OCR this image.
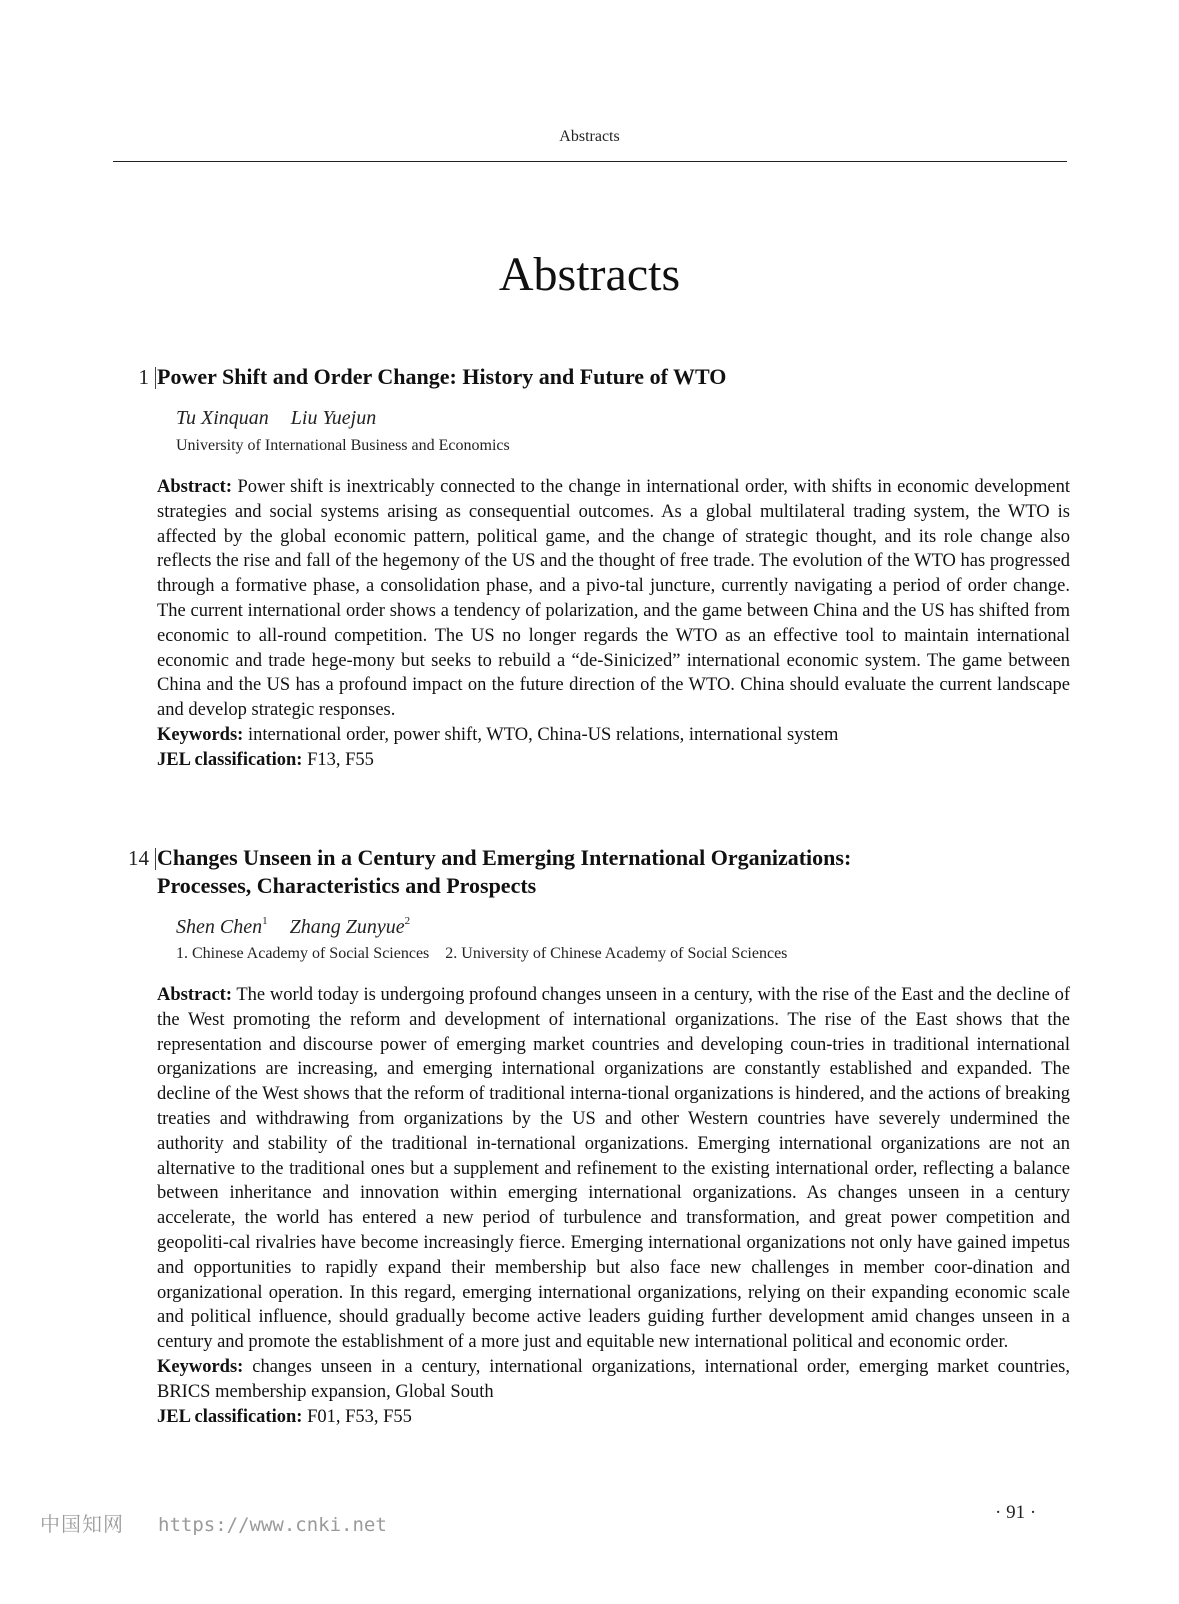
Abstracts
Abstracts
1 Power Shift and Order Change: History and Future of WTO
Tu Xinquan Liu Yuejun
University of International Business and Economics

Abstract: Power shift is inextricably connected to the change in international order, with shifts in economic development strategies and social systems arising as consequential outcomes. As a global multilateral trading system, the WTO is affected by the global economic pattern, political game, and the change of strategic thought, and its role change also reflects the rise and fall of the hegemony of the US and the thought of free trade. The evolution of the WTO has progressed through a formative phase, a consolidation phase, and a pivo-tal juncture, currently navigating a period of order change. The current international order shows a tendency of polarization, and the game between China and the US has shifted from economic to all-round competition. The US no longer regards the WTO as an effective tool to maintain international economic and trade hege-mony but seeks to rebuild a “de-Sinicized” international economic system. The game between China and the US has a profound impact on the future direction of the WTO. China should evaluate the current landscape and develop strategic responses.

Keywords: international order, power shift, WTO, China-US relations, international system

JEL classification: F13, F55

14 Changes Unseen in a Century and Emerging International Organizations:
Processes, Characteristics and Prospects
Shen Chen$^1$ Zhang Zunyue$^2$
1. Chinese Academy of Social Sciences 2. University of Chinese Academy of Social Sciences

Abstract: The world today is undergoing profound changes unseen in a century, with the rise of the East and the decline of the West promoting the reform and development of international organizations. The rise of the East shows that the representation and discourse power of emerging market countries and developing coun-tries in traditional international organizations are increasing, and emerging international organizations are constantly established and expanded. The decline of the West shows that the reform of traditional interna-tional organizations is hindered, and the actions of breaking treaties and withdrawing from organizations by the US and other Western countries have severely undermined the authority and stability of the traditional in-ternational organizations. Emerging international organizations are not an alternative to the traditional ones but a supplement and refinement to the existing international order, reflecting a balance between inheritance and innovation within emerging international organizations. As changes unseen in a century accelerate, the world has entered a new period of turbulence and transformation, and great power competition and geopoliti-cal rivalries have become increasingly fierce. Emerging international organizations not only have gained impetus and opportunities to rapidly expand their membership but also face new challenges in member coor-dination and organizational operation. In this regard, emerging international organizations, relying on their expanding economic scale and political influence, should gradually become active leaders guiding further development amid changes unseen in a century and promote the establishment of a more just and equitable new international political and economic order.

Keywords: changes unseen in a century, international organizations, international order, emerging market countries, BRICS membership expansion, Global South

JEL classification: F01, F53, F55

· 91 ·
中国知网 https://www.cnki.net
